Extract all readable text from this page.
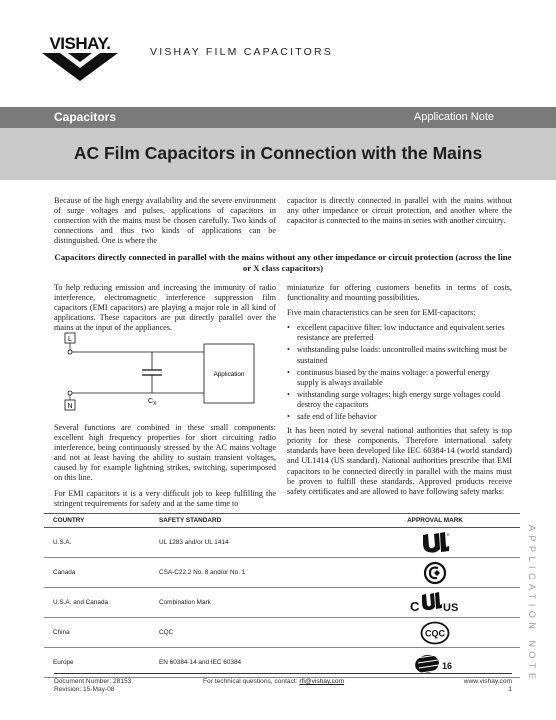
VISHAY.	VISHAY FILM CAPACITORS
Capacitors	Application Note
AC Film Capacitors in Connection with the Mains

Because of the high energy availability and the severe environment of surge voltages and pulses, applications of capacitors in connection with the mains must be chosen carefully. Two kinds of connections and thus two kinds of applications can be distinguished. One is where the

capacitor is directly connected in parallel with the mains without any other impedance or circuit protection, and another where the capacitor is connected to the mains in series with another circuitry.

Capacitors directly connected in parallel with the mains without any other impedance or circuit protection (across the line or X class capacitors)

To help reducing emission and increasing the immunity of radio interference, electromagnetic interference suppression film capacitors (EMI capacitors) are playing a major role in all kind of applications. These capacitors are put directly parallel over the mains at the input of the appliances.

L
N
$C_X$
Application

Several functions are combined in these small components: excellent high frequency properties for short circuiting radio interference, being continuously stressed by the AC mains voltage and not at least having the ability to sustain transient voltages, caused by for example lightning strikes, switching, superimposed on this line.

For EMI capacitors it is a very difficult job to keep fulfilling the stringent requirements for safety and at the same time to

miniaturize for offering customers benefits in terms of costs, functionality and mounting possibilities.

Five main characteristics can be seen for EMI-capacitors:

• excellent capacitive filter: low inductance and equivalent series resistance are preferred
• withstanding pulse loads: uncontrolled mains switching must be sustained
• continuous biased by the mains voltage: a powerful energy supply is always available
• withstanding surge voltages: high energy surge voltages could destroy the capacitors
• safe end of life behavior

It has been noted by several national authorities that safety is top priority for these components. Therefore international safety standards have been developed like IEC 60384-14 (world standard) and UL1414 (US standard). National authorities prescribe that EMI capacitors to be connected directly in parallel with the mains must be proven to fulfill these standards. Approved products receive safety certificates and are allowed to have following safety marks:

COUNTRY	SAFETY STANDARD	APPROVAL MARK
U.S.A.	UL 1283 and/or UL 1414	R

Canada	CSA-C22.2 No. 8 and/or No. 1	
U.S.A. and Canada	Combination Mark	C US

China	CQC	CQC

Europe	EN 60384-14 and IEC 60384	16	APPLICATION NOTE
Document Number: 28153
Revision: 15-May-08
For technical questions, contact: rfi@vishay.com	www.vishay.com
1
